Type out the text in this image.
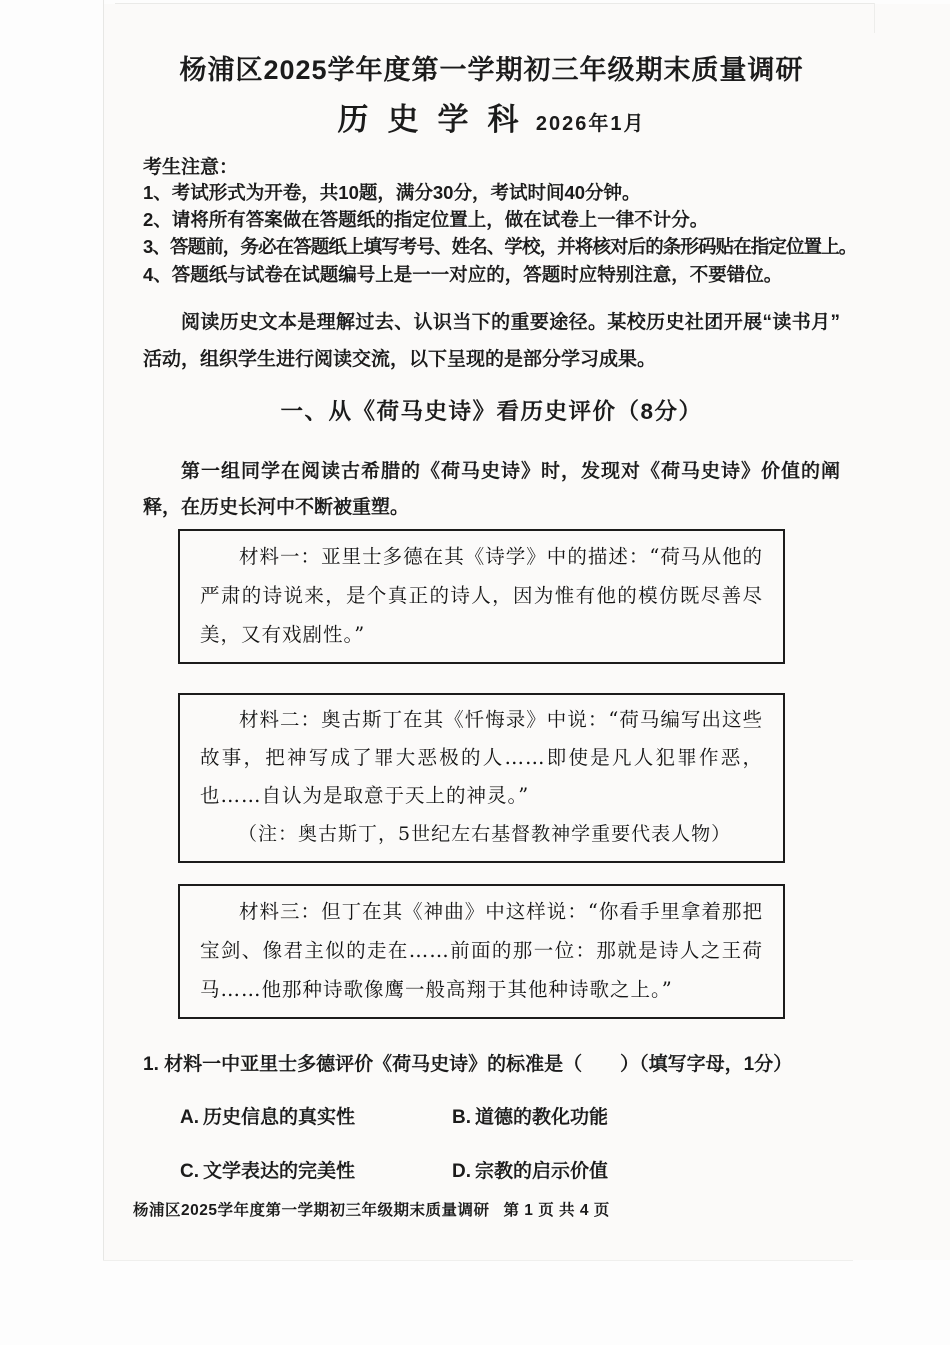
杨浦区2025学年度第一学期初三年级期末质量调研
历史学科 2026年1月
考生注意：
1、考试形式为开卷，共10题，满分30分，考试时间40分钟。
2、请将所有答案做在答题纸的指定位置上，做在试卷上一律不计分。
3、答题前，务必在答题纸上填写考号、姓名、学校，并将核对后的条形码贴在指定位置上。
4、答题纸与试卷在试题编号上是一一对应的，答题时应特别注意，不要错位。
阅读历史文本是理解过去、认识当下的重要途径。某校历史社团开展“读书月”活动，组织学生进行阅读交流，以下呈现的是部分学习成果。
一、从《荷马史诗》看历史评价（8分）
第一组同学在阅读古希腊的《荷马史诗》时，发现对《荷马史诗》价值的阐释，在历史长河中不断被重塑。
材料一：亚里士多德在其《诗学》中的描述：“荷马从他的严肃的诗说来，是个真正的诗人，因为惟有他的模仿既尽善尽美，又有戏剧性。”
材料二：奥古斯丁在其《忏悔录》中说：“荷马编写出这些故事，把神写成了罪大恶极的人……即使是凡人犯罪作恶，也……自认为是取意于天上的神灵。”
（注：奥古斯丁，5世纪左右基督教神学重要代表人物）
材料三：但丁在其《神曲》中这样说：“你看手里拿着那把宝剑、像君主似的走在……前面的那一位：那就是诗人之王荷马……他那种诗歌像鹰一般高翔于其他种诗歌之上。”
1. 材料一中亚里士多德评价《荷马史诗》的标准是（　　）（填写字母，1分）
A. 历史信息的真实性	B. 道德的教化功能
C. 文学表达的完美性	D. 宗教的启示价值
杨浦区2025学年度第一学期初三年级期末质量调研 第 1 页 共 4 页
